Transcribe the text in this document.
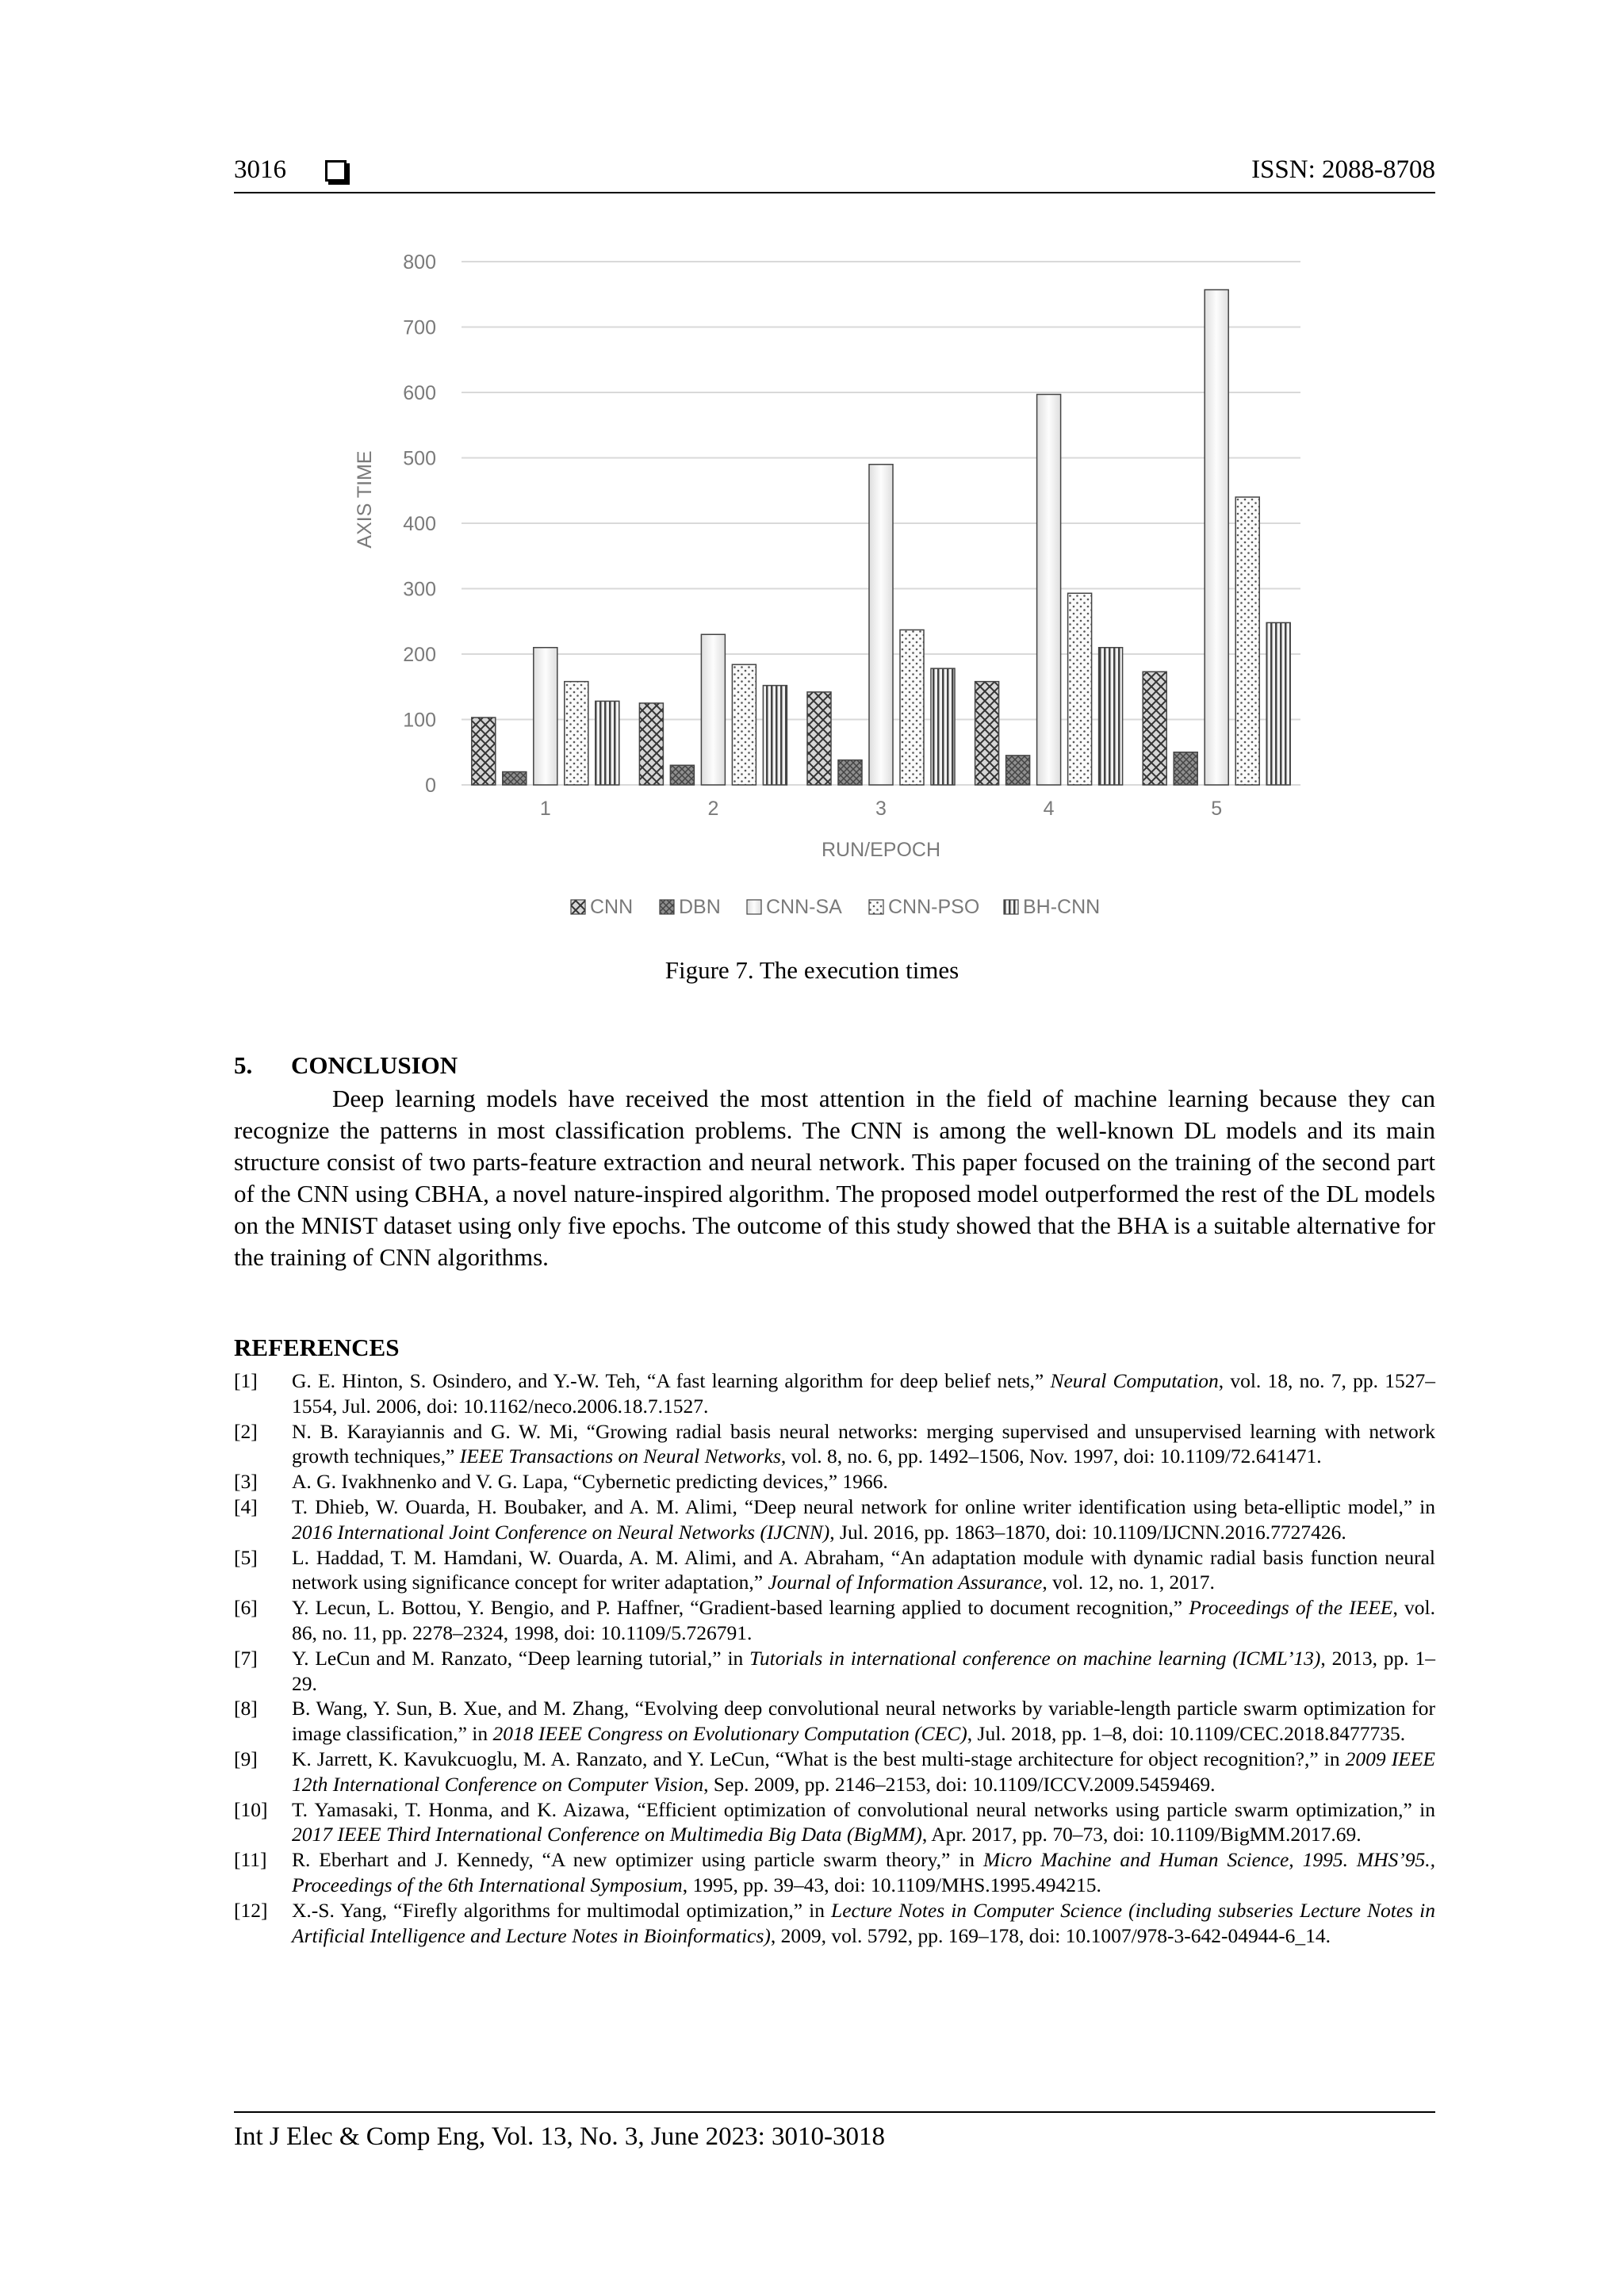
3016	ISSN: 2088-8708
0
100
200
300
400
500
600
700
800
1	2	3	4	5
RUN/EPOCH
AXIS TIME
CNN DBN CNN-SA CNN-PSO BH-CNN
Figure 7. The execution times
5. CONCLUSION

Deep learning models have received the most attention in the field of machine learning because they can recognize the patterns in most classification problems. The CNN is among the well-known DL models and its main structure consist of two parts-feature extraction and neural network. This paper focused on the training of the second part of the CNN using CBHA, a novel nature-inspired algorithm. The proposed model outperformed the rest of the DL models on the MNIST dataset using only five epochs. The outcome of this study showed that the BHA is a suitable alternative for the training of CNN algorithms.

REFERENCES
[1]	G. E. Hinton, S. Osindero, and Y.-W. Teh, “A fast learning algorithm for deep belief nets,” Neural Computation, vol. 18, no. 7, pp. 1527–1554, Jul. 2006, doi: 10.1162/neco.2006.18.7.1527.
[2]	N. B. Karayiannis and G. W. Mi, “Growing radial basis neural networks: merging supervised and unsupervised learning with network growth techniques,” IEEE Transactions on Neural Networks, vol. 8, no. 6, pp. 1492–1506, Nov. 1997, doi: 10.1109/72.641471.
[3]	A. G. Ivakhnenko and V. G. Lapa, “Cybernetic predicting devices,” 1966.
[4]	T. Dhieb, W. Ouarda, H. Boubaker, and A. M. Alimi, “Deep neural network for online writer identification using beta-elliptic model,” in 2016 International Joint Conference on Neural Networks (IJCNN), Jul. 2016, pp. 1863–1870, doi: 10.1109/IJCNN.2016.7727426.
[5]	L. Haddad, T. M. Hamdani, W. Ouarda, A. M. Alimi, and A. Abraham, “An adaptation module with dynamic radial basis function neural network using significance concept for writer adaptation,” Journal of Information Assurance, vol. 12, no. 1, 2017.
[6]	Y. Lecun, L. Bottou, Y. Bengio, and P. Haffner, “Gradient-based learning applied to document recognition,” Proceedings of the IEEE, vol. 86, no. 11, pp. 2278–2324, 1998, doi: 10.1109/5.726791.
[7]	Y. LeCun and M. Ranzato, “Deep learning tutorial,” in Tutorials in international conference on machine learning (ICML’13), 2013, pp. 1–29.
[8]	B. Wang, Y. Sun, B. Xue, and M. Zhang, “Evolving deep convolutional neural networks by variable-length particle swarm optimization for image classification,” in 2018 IEEE Congress on Evolutionary Computation (CEC), Jul. 2018, pp. 1–8, doi: 10.1109/CEC.2018.8477735.
[9]	K. Jarrett, K. Kavukcuoglu, M. A. Ranzato, and Y. LeCun, “What is the best multi-stage architecture for object recognition?,” in 2009 IEEE 12th International Conference on Computer Vision, Sep. 2009, pp. 2146–2153, doi: 10.1109/ICCV.2009.5459469.
[10]	T. Yamasaki, T. Honma, and K. Aizawa, “Efficient optimization of convolutional neural networks using particle swarm optimization,” in 2017 IEEE Third International Conference on Multimedia Big Data (BigMM), Apr. 2017, pp. 70–73, doi: 10.1109/BigMM.2017.69.
[11]	R. Eberhart and J. Kennedy, “A new optimizer using particle swarm theory,” in Micro Machine and Human Science, 1995. MHS’95., Proceedings of the 6th International Symposium, 1995, pp. 39–43, doi: 10.1109/MHS.1995.494215.
[12]	X.-S. Yang, “Firefly algorithms for multimodal optimization,” in Lecture Notes in Computer Science (including subseries Lecture Notes in Artificial Intelligence and Lecture Notes in Bioinformatics), 2009, vol. 5792, pp. 169–178, doi: 10.1007/978-3-642-04944-6_14.
Int J Elec & Comp Eng, Vol. 13, No. 3, June 2023: 3010-3018
